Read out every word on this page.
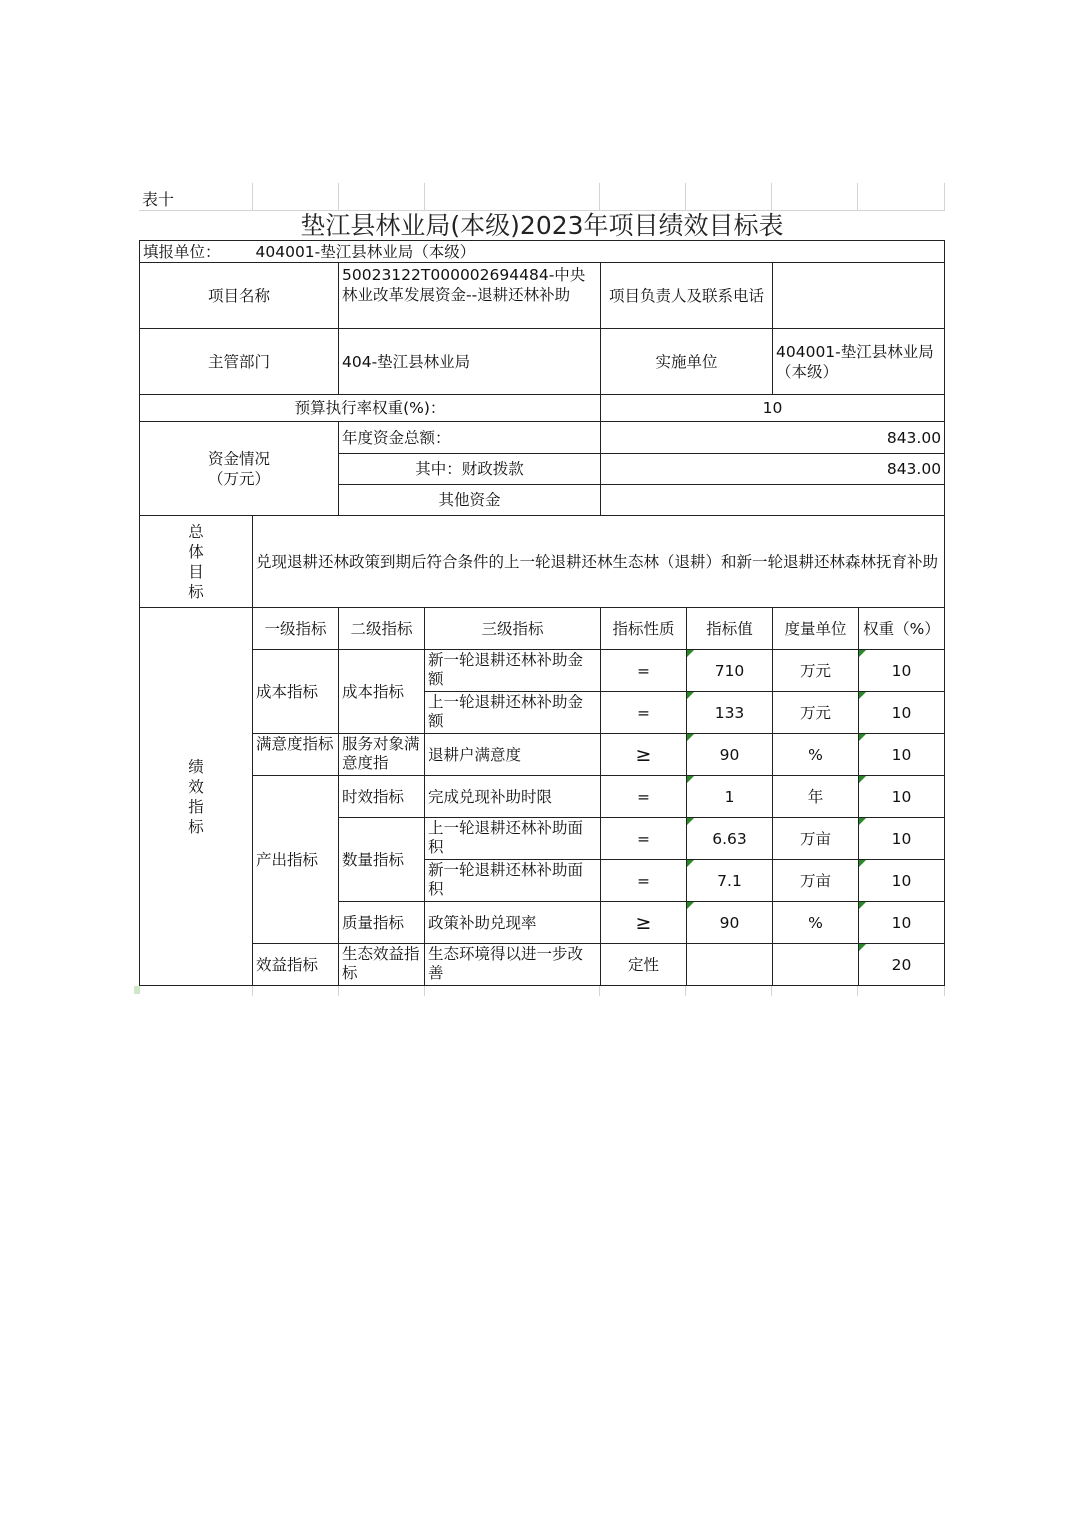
表十
垫江县林业局(本级)2023年项目绩效目标表
填报单位：	404001-垫江县林业局（本级）						
项目名称		50023122T000002694484-中央林业改革发展资金--退耕还林补助		项目负责人及联系电话			
主管部门		404-垫江县林业局		实施单位		404001-垫江县林业局（本级）	
预算执行率权重(%)：				10			

资金情况
（万元）		年度资金总额：		843.00			
		其中：财政拨款		843.00			
		其他资金					

总
体
目
标	兑现退耕还林政策到期后符合条件的上一轮退耕还林生态林（退耕）和新一轮退耕还林森林抚育补助						

绩
效
指
标	一级指标	二级指标	三级指标	指标性质	指标值	度量单位	权重（%）
	成本指标	成本指标	新一轮退耕还林补助金额	=	710	万元	10

			上一轮退耕还林补助金额	=	133	万元	10

	满意度指标	服务对象满意度指	退耕户满意度	≥	90	%	10
	产出指标	时效指标	完成兑现补助时限	=	1	年	10
		数量指标	上一轮退耕还林补助面积	=	6.63	万亩	10

			新一轮退耕还林补助面积	=	7.1	万亩	10
		质量指标	政策补助兑现率	≥	90	%	10
	效益指标	生态效益指标	生态环境得以进一步改善	定性			20
